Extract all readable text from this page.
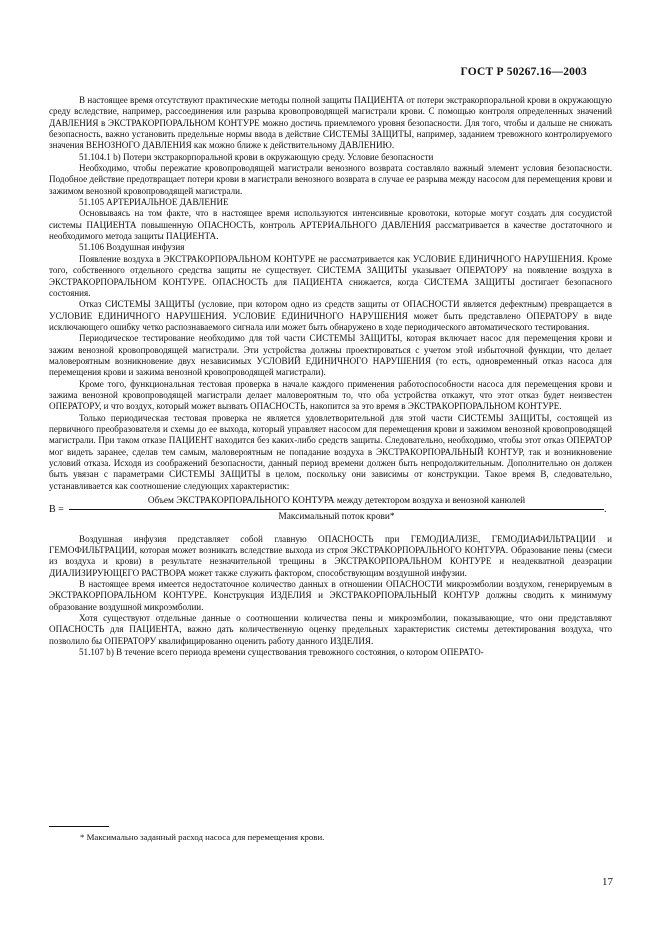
ГОСТ Р 50267.16—2003

В настоящее время отсутствуют практические методы полной защиты ПАЦИЕНТА от потери экстракорпоральной крови в окружающую среду вследствие, например, рассоединения или разрыва кровопроводящей магистрали крови. С помощью контроля определенных значений ДАВЛЕНИЯ в ЭКСТРАКОРПОРАЛЬНОМ КОНТУРЕ можно достичь приемлемого уровня безопасности. Для того, чтобы и дальше не снижать безопасность, важно установить предельные нормы ввода в действие СИСТЕМЫ ЗАЩИТЫ, например, заданием тревожного контролируемого значения ВЕНОЗНОГО ДАВЛЕНИЯ как можно ближе к действительному ДАВЛЕНИЮ.

51.104.1 b) Потери экстракорпоральной крови в окружающую среду. Условие безопасности

Необходимо, чтобы пережатие кровопроводящей магистрали венозного возврата составляло важный элемент условия безопасности. Подобное действие предотвращает потери крови в магистрали венозного возврата в случае ее разрыва между насосом для перемещения крови и зажимом венозной кровопроводящей магистрали.

51.105 АРТЕРИАЛЬНОЕ ДАВЛЕНИЕ

Основываясь на том факте, что в настоящее время используются интенсивные кровотоки, которые могут создать для сосудистой системы ПАЦИЕНТА повышенную ОПАСНОСТЬ, контроль АРТЕРИАЛЬНОГО ДАВЛЕНИЯ рассматривается в качестве достаточного и необходимого метода защиты ПАЦИЕНТА.

51.106 Воздушная инфузия

Появление воздуха в ЭКСТРАКОРПОРАЛЬНОМ КОНТУРЕ не рассматривается как УСЛОВИЕ ЕДИНИЧНОГО НАРУШЕНИЯ. Кроме того, собственного отдельного средства защиты не существует. СИСТЕМА ЗАЩИТЫ указывает ОПЕРАТОРУ на появление воздуха в ЭКСТРАКОРПОРАЛЬНОМ КОНТУРЕ. ОПАСНОСТЬ для ПАЦИЕНТА снижается, когда СИСТЕМА ЗАЩИТЫ достигает безопасного состояния.

Отказ СИСТЕМЫ ЗАЩИТЫ (условие, при котором одно из средств защиты от ОПАСНОСТИ является дефектным) превращается в УСЛОВИЕ ЕДИНИЧНОГО НАРУШЕНИЯ. УСЛОВИЕ ЕДИНИЧНОГО НАРУШЕНИЯ может быть представлено ОПЕРАТОРУ в виде исключающего ошибку четко распознаваемого сигнала или может быть обнаружено в ходе периодического автоматического тестирования.

Периодическое тестирование необходимо для той части СИСТЕМЫ ЗАЩИТЫ, которая включает насос для перемещения крови и зажим венозной кровопроводящей магистрали. Эти устройства должны проектироваться с учетом этой избыточной функции, что делает маловероятным возникновение двух независимых УСЛОВИЙ ЕДИНИЧНОГО НАРУШЕНИЯ (то есть, одновременный отказ насоса для перемещения крови и зажима венозной кровопроводящей магистрали).

Кроме того, функциональная тестовая проверка в начале каждого применения работоспособности насоса для перемещения крови и зажима венозной кровопроводящей магистрали делает маловероятным то, что оба устройства откажут, что этот отказ будет неизвестен ОПЕРАТОРУ, и что воздух, который может вызвать ОПАСНОСТЬ, накопится за это время в ЭКСТРАКОРПОРАЛЬНОМ КОНТУРЕ.

Только периодическая тестовая проверка не является удовлетворительной для этой части СИСТЕМЫ ЗАЩИТЫ, состоящей из первичного преобразователя и схемы до ее выхода, который управляет насосом для перемещения крови и зажимом венозной кровопроводящей магистрали. При таком отказе ПАЦИЕНТ находится без каких-либо средств защиты. Следовательно, необходимо, чтобы этот отказ ОПЕРАТОР мог видеть заранее, сделав тем самым, маловероятным не попадание воздуха в ЭКСТРАКОРПОРАЛЬНЫЙ КОНТУР, так и возникновение условий отказа. Исходя из соображений безопасности, данный период времени должен быть непродолжительным. Дополнительно он должен быть увязан с параметрами СИСТЕМЫ ЗАЩИТЫ в целом, поскольку они зависимы от конструкции. Такое время В, следовательно, устанавливается как соотношение следующих характеристик:

В =
Объем ЭКСТРАКОРПОРАЛЬНОГО КОНТУРА между детектором воздуха и венозной канюлей
Максимальный поток крови*
.

Воздушная инфузия представляет собой главную ОПАСНОСТЬ при ГЕМОДИАЛИЗЕ, ГЕМОДИАФИЛЬТРАЦИИ и ГЕМОФИЛЬТРАЦИИ, которая может возникать вследствие выхода из строя ЭКСТРАКОРПОРАЛЬНОГО КОНТУРА. Образование пены (смеси из воздуха и крови) в результате незначительной трещины в ЭКСТРАКОРПОРАЛЬНОМ КОНТУРЕ и неадекватной деаэрации ДИАЛИЗИРУЮЩЕГО РАСТВОРА может также служить фактором, способствующим воздушной инфузии.

В настоящее время имеется недостаточное количество данных в отношении ОПАСНОСТИ микроэмболии воздухом, генерируемым в ЭКСТРАКОРПОРАЛЬНОМ КОНТУРЕ. Конструкция ИЗДЕЛИЯ и ЭКСТРАКОРПОРАЛЬНЫЙ КОНТУР должны сводить к минимуму образование воздушной микроэмболии.

Хотя существуют отдельные данные о соотношении количества пены и микроэмболии, показывающие, что они представляют ОПАСНОСТЬ для ПАЦИЕНТА, важно дать количественную оценку предельных характеристик системы детектирования воздуха, что позволило бы ОПЕРАТОРУ квалифицированно оценить работу данного ИЗДЕЛИЯ.

51.107 b) В течение всего периода времени существования тревожного состояния, о котором ОПЕРАТО-

* Максимально заданный расход насоса для перемещения крови.
17
